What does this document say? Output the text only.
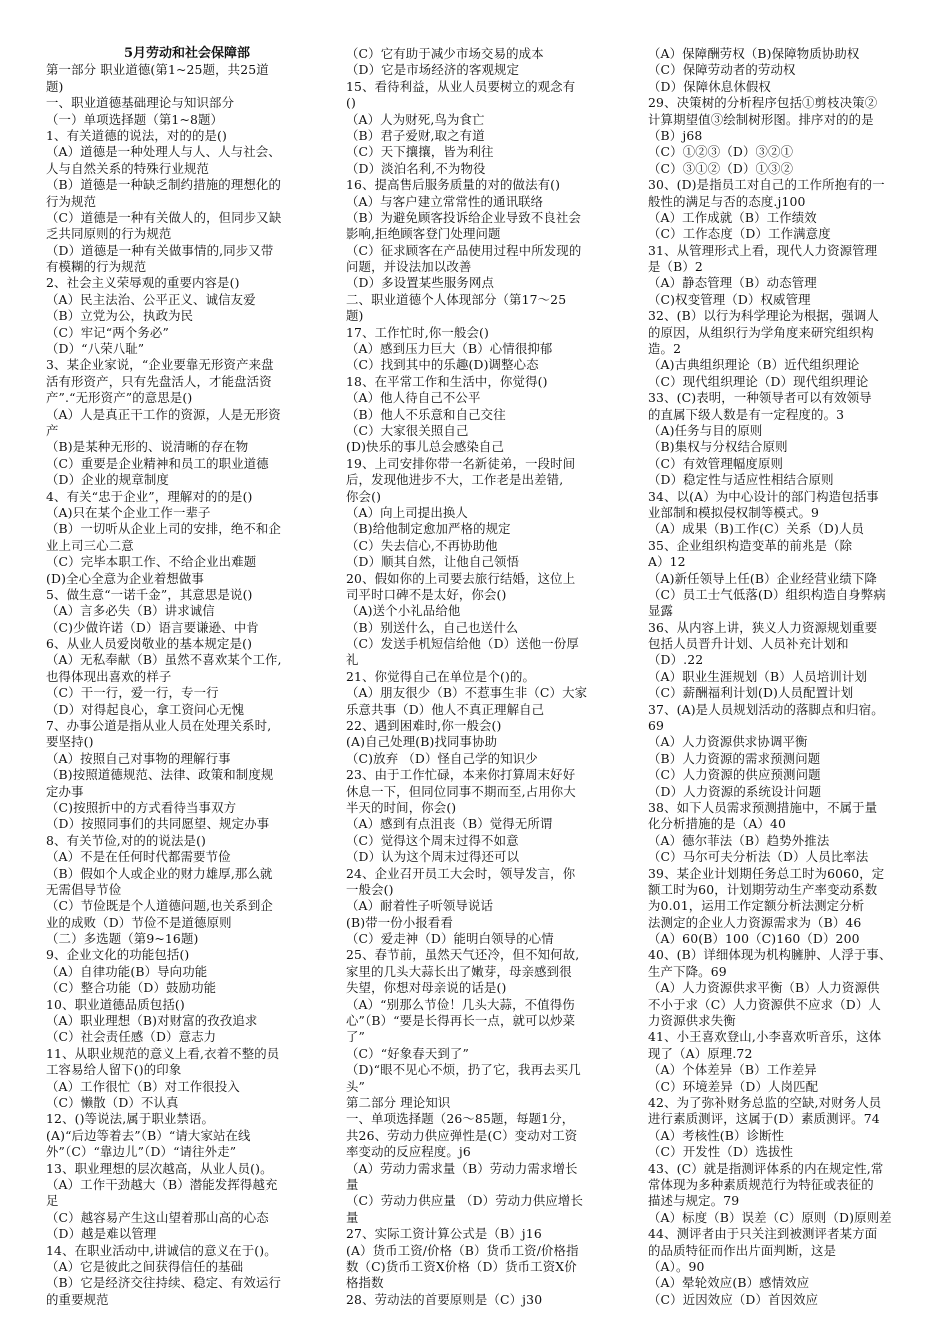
5月劳动和社会保障部
第一部分 职业道德(第1~25题，共25道
题)
一、职业道德基础理论与知识部分
（一）单项选择题（第1~8题）
1、有关道德的说法，对的的是()
（A）道德是一种处理人与人、人与社会、
人与自然关系的特殊行业规范
（B）道德是一种缺乏制约措施的理想化的
行为规范
（C）道德是一种有关做人的，但同步又缺
乏共同原则的行为规范
（D）道德是一种有关做事情的,同步又带
有模糊的行为规范
2、社会主义荣辱观的重要内容是()
（A）民主法治、公平正义、诚信友爱
（B）立党为公，执政为民
（C）牢记“两个务必”
（D）“八荣八耻”
3、某企业家说，“企业要靠无形资产来盘
活有形资产，只有先盘活人，才能盘活资
产”.“无形资产”的意思是()
（A）人是真正干工作的资源，人是无形资
产
（B)是某种无形的、说清晰的存在物
（C）重要是企业精神和员工的职业道德
（D）企业的规章制度
4、有关“忠于企业”，理解对的的是()
（A)只在某个企业工作一辈子
（B）一切听从企业上司的安排，绝不和企
业上司三心二意
（C）完毕本职工作、不给企业出难题
(D)全心全意为企业着想做事
5、做生意“一诺千金”，其意思是说()
（A）言多必失（B）讲求诚信
（C)少做许诺（D）语言要谦逊、中肯
6、从业人员爱岗敬业的基本规定是()
（A）无私奉献（B）虽然不喜欢某个工作,
也得体现出喜欢的样子
（C）干一行，爱一行，专一行
（D）对得起良心，拿工资问心无愧
7、办事公道是指从业人员在处理关系时,
要坚持()
（A）按照自己对事物的理解行事
（B)按照道德规范、法律、政策和制度规
定办事
（C)按照折中的方式看待当事双方
（D）按照同事们的共同愿望、规定办事
8、有关节俭,对的的说法是()
（A）不是在任何时代都需要节俭
（B）假如个人或企业的财力雄厚,那么就
无需倡导节俭
（C）节俭既是个人道德问题,也关系到企
业的成败（D）节俭不是道德原则
（二）多选题（第9~16题)
9、企业文化的功能包括()
（A）自律功能(B）导向功能
（C）整合功能（D）鼓励功能
10、职业道德品质包括()
（A）职业理想（B)对财富的孜孜追求
（C）社会责任感（D）意志力
11、从职业规范的意义上看,衣着不整的员
工容易给人留下()的印象
（A）工作很忙（B）对工作很投入
（C）懒散（D）不认真
12、()等说法,属于职业禁语。
(A)“后边等着去”（B）“请大家站在线
外”（C）“靠边儿”（D）“请往外走”
13、职业理想的层次越高，从业人员()。
（A）工作干劲越大（B）潜能发挥得越充
足
（C）越容易产生这山望着那山高的心态
（D）越是难以管理
14、在职业活动中,讲诚信的意义在于()。
（A）它是彼此之间获得信任的基础
（B）它是经济交往持续、稳定、有效运行
的重要规范
（C）它有助于减少市场交易的成本
（D）它是市场经济的客观规定
15、看待利益，从业人员要树立的观念有
()
（A）人为财死,鸟为食亡
（B）君子爱财,取之有道
（C）天下攘攘，皆为利往
（D）淡泊名利,不为物役
16、提高售后服务质量的对的做法有()
（A）与客户建立常常性的通讯联络
（B）为避免顾客投诉给企业导致不良社会
影响,拒绝顾客登门处理问题
（C）征求顾客在产品使用过程中所发现的
问题，并设法加以改善
（D）多设置某些服务网点
二、职业道德个人体现部分（第17～25
题)
17、工作忙时,你一般会()
（A）感到压力巨大（B）心情很抑郁
（C）找到其中的乐趣(D)调整心态
18、在平常工作和生活中，你觉得()
（A）他人待自己不公平
（B）他人不乐意和自己交往
（C）大家很关照自己
(D)快乐的事儿总会感染自己
19、上司安排你带一名新徒弟，一段时间
后，发现他进步不大，工作老是出差错,
你会()
（A）向上司提出换人
（B)给他制定愈加严格的规定
（C）失去信心,不再协助他
（D）顺其自然，让他自己领悟
20、假如你的上司要去旅行结婚，这位上
司平时口碑不是太好，你会()
（A)送个小礼品给他
（B）别送什么，自己也送什么
（C）发送手机短信给他（D）送他一份厚
礼
21、你觉得自己在单位是个()的。
（A）朋友很少（B）不惹事生非（C）大家
乐意共事（D）他人不真正理解自己
22、遇到困难时,你一般会()
(A)自己处理(B)找同事协助
（C)放弃 （D）怪自己学的知识少
23、由于工作忙碌，本来你打算周末好好
休息一下，但同位同事不期而至,占用你大
半天的时间，你会()
（A）感到有点沮丧（B）觉得无所谓
（C）觉得这个周末过得不如意
（D）认为这个周末过得还可以
24、企业召开员工大会时，领导发言，你
一般会()
（A）耐着性子听领导说话
(B)带一份小报看看
（C）爱走神（D）能明白领导的心情
25、春节前，虽然天气还冷，但不知何故,
家里的几头大蒜长出了嫩芽，母亲感到很
失望，你想对母亲说的话是()
（A）“别那么节俭！几头大蒜，不值得伤
心”（B）“要是长得再长一点，就可以炒菜
了”
（C）“好象春天到了”
（D)“眼不见心不烦，扔了它，我再去买几
头”
第二部分 理论知识
一、单项选择题（26～85题，每题1分，
共26、劳动力供应弹性是(C）变动对工资
率变动的反应程度。j6
（A）劳动力需求量（B）劳动力需求增长
量
（C）劳动力供应量 （D）劳动力供应增长
量
27、实际工资计算公式是（B）j16
(A）货币工资/价格（B）货币工资/价格指
数（C)货币工资Χ价格（D）货币工资Χ价
格指数
28、劳动法的首要原则是（C）j30
（A）保障酬劳权（B)保障物质协助权
（C）保障劳动者的劳动权
（D）保障休息休假权
29、决策树的分析程序包括①剪枝决策②
计算期望值③绘制树形图。排序对的的是
（B）j68
（C）①②③（D）③②①
（C）③①②（D）①③②
30、(D)是指员工对自己的工作所抱有的一
般性的满足与否的态度.j100
（A）工作成就（B）工作绩效
（C）工作态度（D）工作满意度
31、从管理形式上看，现代人力资源管理
是（B）2
（A）静态管理（B）动态管理
（C)权变管理（D）权威管理
32、(B）以行为科学理论为根据，强调人
的原因，从组织行为学角度来研究组织构
造。2
（A)古典组织理论（B）近代组织理论
（C）现代组织理论（D）现代组织理论
33、(C)表明，一种领导者可以有效领导
的直属下级人数是有一定程度的。3
（A)任务与目的原则
（B)集权与分权结合原则
（C）有效管理幅度原则
（D）稳定性与适应性相结合原则
34、以(A）为中心设计的部门构造包括事
业部制和模拟侵权制等模式。9
（A）成果（B)工作(C）关系（D)人员
35、企业组织构造变革的前兆是（除
A）12
（A)新任领导上任(B）企业经营业绩下降
（C）员工士气低落(D）组织构造自身弊病
显露
36、从内容上讲，狭义人力资源规划重要
包括人员晋升计划、人员补充计划和
（D）.22
（A）职业生涯规划（B）人员培训计划
（C）薪酬福利计划(D)人员配置计划
37、(A)是人员规划活动的落脚点和归宿。
69
（A）人力资源供求协调平衡
（B）人力资源的需求预测问题
（C）人力资源的供应预测问题
（D）人力资源的系统设计问题
38、如下人员需求预测措施中，不属于量
化分析措施的是（A）40
（A）德尔菲法（B）趋势外推法
（C）马尔可夫分析法（D）人员比率法
39、某企业计划期任务总工时为6060，定
额工时为60，计划期劳动生产率变动系数
为0.01，运用工作定额分析法测定分析
法测定的企业人力资源需求为（B）46
（A）60(B）100（C)160（D）200
40、(B）详细体现为机构臃肿、人浮于事、
生产下降。69
（A）人力资源供求平衡（B）人力资源供
不小于求（C）人力资源供不应求（D）人
力资源供求失衡
41、小王喜欢登山,小李喜欢听音乐，这体
现了（A）原理.72
（A）个体差异（B）工作差异
（C）环境差异（D）人岗匹配
42、为了弥补财务总监的空缺,对财务人员
进行素质测评，这属于(D）素质测评。74
（A）考核性(B）诊断性
（C）开发性（D）选拔性
43、(C）就是指测评体系的内在规定性,常
常体现为多种素质规范行为特征或表征的
描述与规定。79
（A）标度（B）误差（C）原则（D)原则差
44、测评者由于只关注到被测评者某方面
的品质特征而作出片面判断，这是
（A）。90
（A）晕轮效应(B）感情效应
（C）近因效应（D）首因效应
